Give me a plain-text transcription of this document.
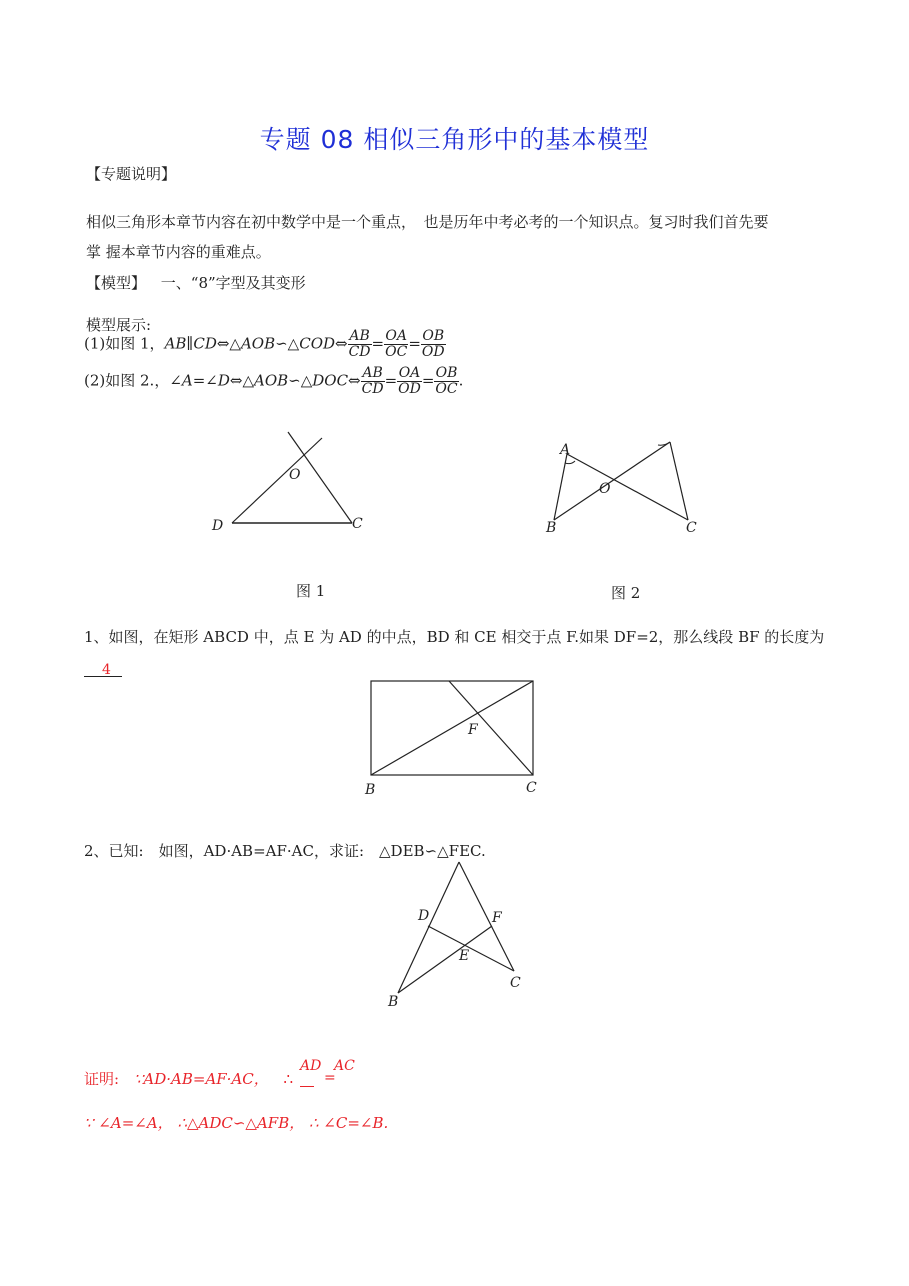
专题 08 相似三角形中的基本模型
【专题说明】
相似三角形本章节内容在初中数学中是一个重点，　也是历年中考必考的一个知识点。复习时我们首先要
掌 握本章节内容的重难点。
【模型】 一、“8”字型及其变形
模型展示:
(1)如图 1，AB∥CD⇔△AOB∽△COD⇔ $\frac{AB}{CD} = \frac{OA}{OC} = \frac{OB}{OD}$
(2)如图 2.，∠A=∠D⇔△AOB∽△DOC⇔ $\frac{AB}{CD} = \frac{OA}{OD} = \frac{OB}{OC}$ .
O
D	C
图 1
A
O
B	C
图 2
1、如图，在矩形 ABCD 中，点 E 为 AD 的中点，BD 和 CE 相交于点 F.如果 DF=2，那么线段 BF 的长度为
4
F
B	C
2、已知:　如图，AD·AB=AF·AC，求证:　△DEB∽△FEC.
D	F
E
B
C
证明: ∵AD·AB=AF·AC， ∴
AD
=
AC
∵ ∠A=∠A， ∴△ADC∽△AFB， ∴ ∠C=∠B.
